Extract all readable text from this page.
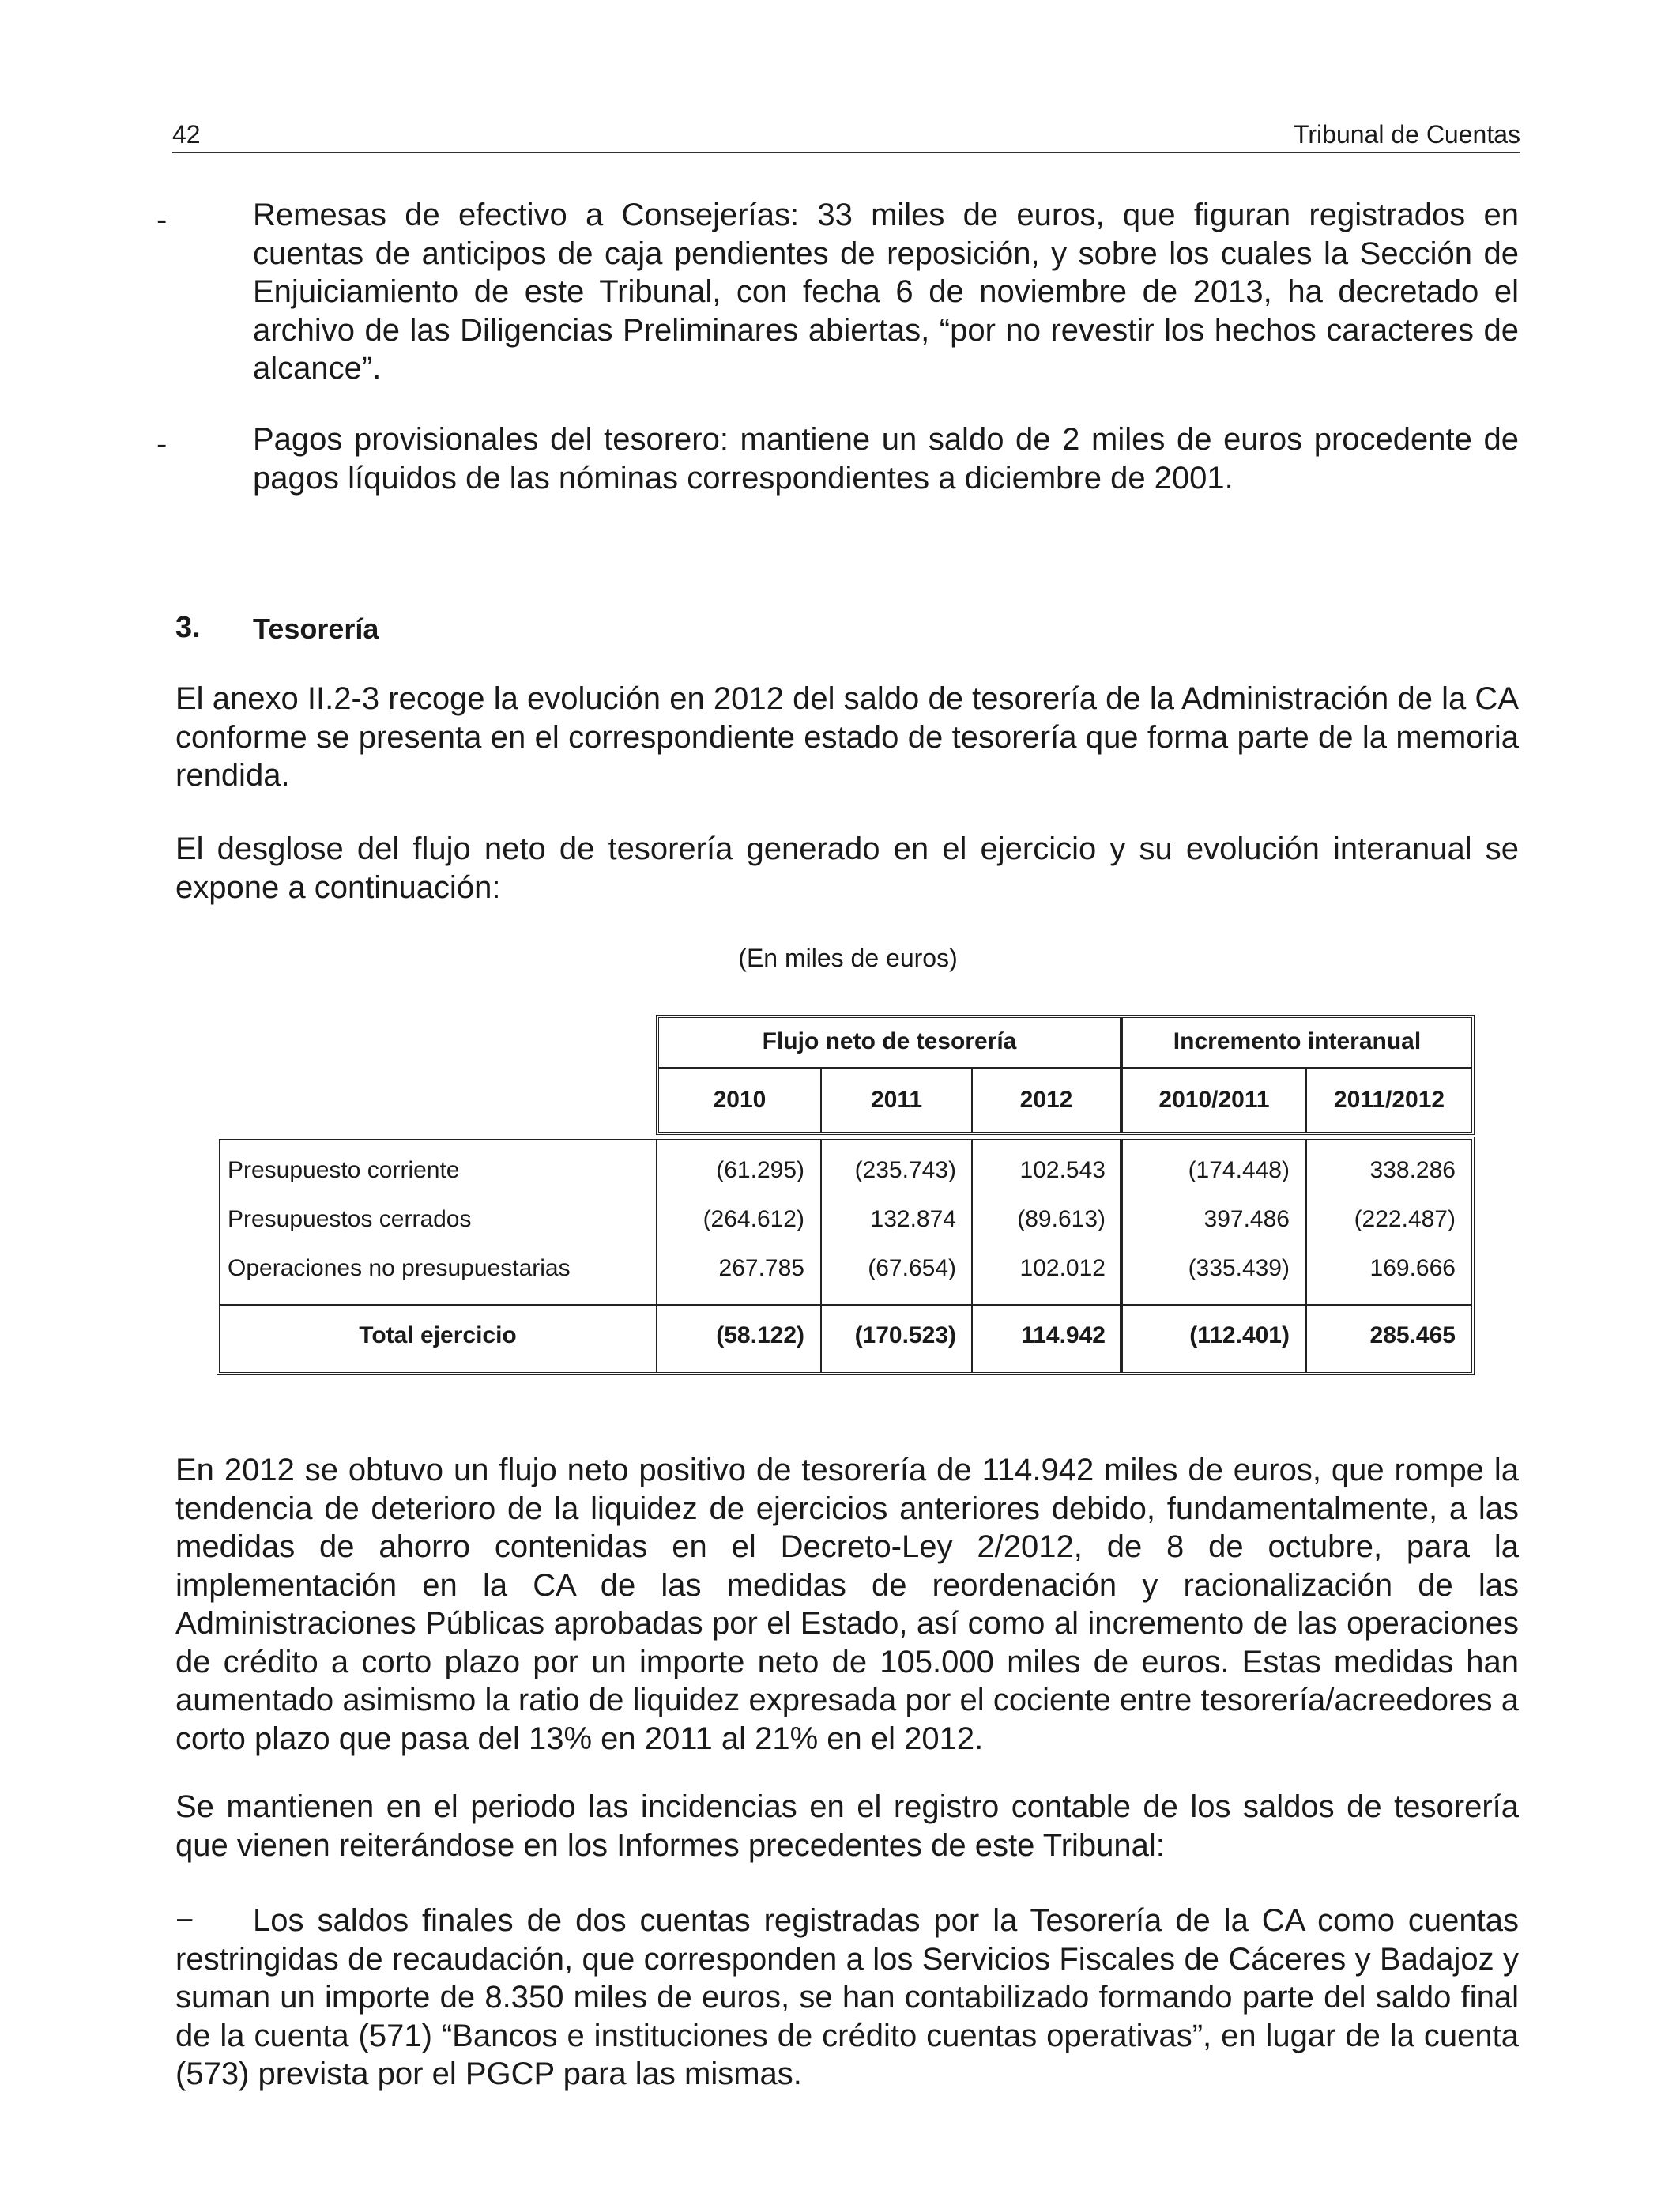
42	Tribunal de Cuentas
-	Remesas de efectivo a Consejerías: 33 miles de euros, que figuran registrados en cuentas de anticipos de caja pendientes de reposición, y sobre los cuales la Sección de Enjuiciamiento de este Tribunal, con fecha 6 de noviembre de 2013, ha decretado el archivo de las Diligencias Preliminares abiertas, “por no revestir los hechos caracteres de alcance”.
-	Pagos provisionales del tesorero: mantiene un saldo de 2 miles de euros procedente de pagos líquidos de las nóminas correspondientes a diciembre de 2001.
3. Tesorería
El anexo II.2-3 recoge la evolución en 2012 del saldo de tesorería de la Administración de la CA conforme se presenta en el correspondiente estado de tesorería que forma parte de la memoria rendida.
El desglose del flujo neto de tesorería generado en el ejercicio y su evolución interanual se expone a continuación:
(En miles de euros)
Flujo neto de tesorería	Incremento interanual
2010	2011	2012	2010/2011	2011/2012
Presupuesto corriente	(61.295)	(235.743)	102.543	(174.448)	338.286
Presupuestos cerrados	(264.612)	132.874	(89.613)	397.486	(222.487)
Operaciones no presupuestarias	267.785	(67.654)	102.012	(335.439)	169.666
Total ejercicio	(58.122)	(170.523)	114.942	(112.401)	285.465
En 2012 se obtuvo un flujo neto positivo de tesorería de 114.942 miles de euros, que rompe la tendencia de deterioro de la liquidez de ejercicios anteriores debido, fundamentalmente, a las medidas de ahorro contenidas en el Decreto-Ley 2/2012, de 8 de octubre, para la implementación en la CA de las medidas de reordenación y racionalización de las Administraciones Públicas aprobadas por el Estado, así como al incremento de las operaciones de crédito a corto plazo por un importe neto de 105.000 miles de euros. Estas medidas han aumentado asimismo la ratio de liquidez expresada por el cociente entre tesorería/acreedores a corto plazo que pasa del 13% en 2011 al 21% en el 2012.
Se mantienen en el periodo las incidencias en el registro contable de los saldos de tesorería que vienen reiterándose en los Informes precedentes de este Tribunal:
Los saldos finales de dos cuentas registradas por la Tesorería de la CA como cuentas restringidas de recaudación, que corresponden a los Servicios Fiscales de Cáceres y Badajoz y suman un importe de 8.350 miles de euros, se han contabilizado formando parte del saldo final de la cuenta (571) “Bancos e instituciones de crédito cuentas operativas”, en lugar de la cuenta (573) prevista por el PGCP para las mismas.
−
